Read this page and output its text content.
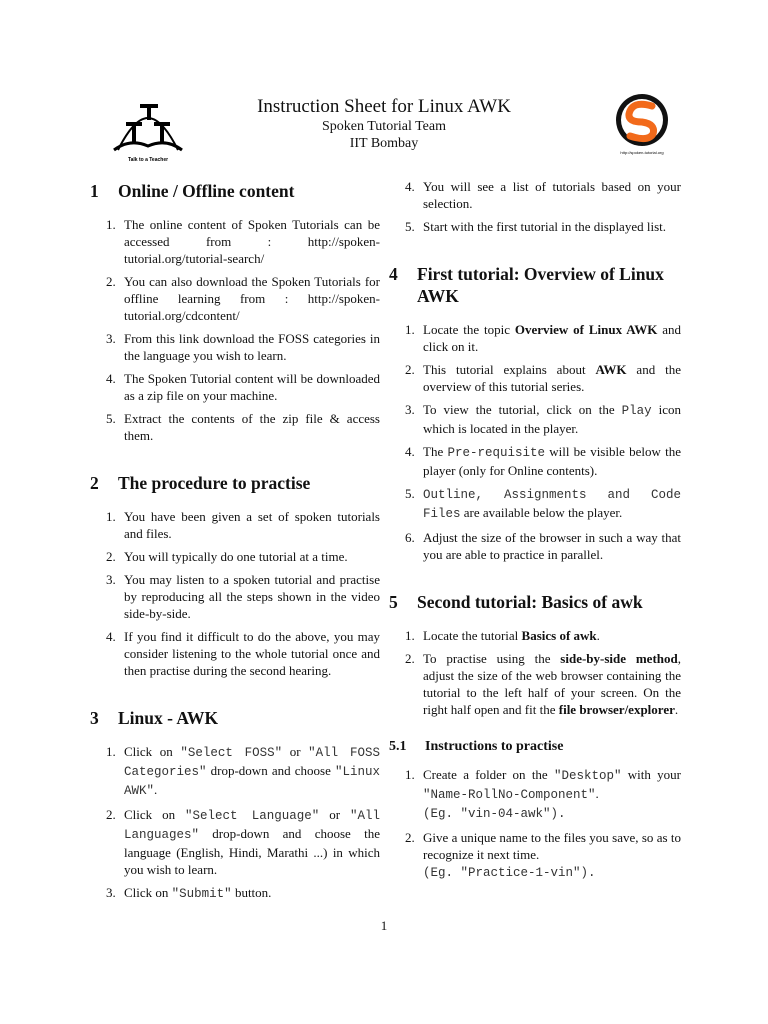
Talk to a Teacher
http://spoken-tutorial.org
Instruction Sheet for Linux AWK
Spoken Tutorial Team
IIT Bombay
1	Online / Offline content
1. The online content of Spoken Tutorials can be accessed from : http://spoken-tutorial.org/tutorial-search/
2. You can also download the Spoken Tutorials for offline learning from : http://spoken-tutorial.org/cdcontent/
3. From this link download the FOSS categories in the language you wish to learn.
4. The Spoken Tutorial content will be downloaded as a zip file on your machine.
5. Extract the contents of the zip file & access them.
2	The procedure to practise
1. You have been given a set of spoken tutorials and files.
2. You will typically do one tutorial at a time.
3. You may listen to a spoken tutorial and practise by reproducing all the steps shown in the video side-by-side.
4. If you find it difficult to do the above, you may consider listening to the whole tutorial once and then practise during the second hearing.
3	Linux - AWK
1. Click on "Select FOSS" or "All FOSS Categories" drop-down and choose "Linux AWK".
2. Click on "Select Language" or "All Languages" drop-down and choose the language (English, Hindi, Marathi ...) in which you wish to learn.
3. Click on "Submit" button.
4. You will see a list of tutorials based on your selection.
5. Start with the first tutorial in the displayed list.
4	First tutorial: Overview of Linux AWK
1. Locate the topic Overview of Linux AWK and click on it.
2. This tutorial explains about AWK and the overview of this tutorial series.
3. To view the tutorial, click on the Play icon which is located in the player.
4. The Pre-requisite will be visible below the player (only for Online contents).
5. Outline, Assignments and Code Files are available below the player.
6. Adjust the size of the browser in such a way that you are able to practice in parallel.
5	Second tutorial: Basics of awk
1. Locate the tutorial Basics of awk.
2. To practise using the side-by-side method, adjust the size of the web browser containing the tutorial to the left half of your screen. On the right half open and fit the file browser/explorer.
5.1	Instructions to practise
1. Create a folder on the "Desktop" with your "Name-RollNo-Component".
(Eg. "vin-04-awk").
2. Give a unique name to the files you save, so as to recognize it next time.
(Eg. "Practice-1-vin").
1
